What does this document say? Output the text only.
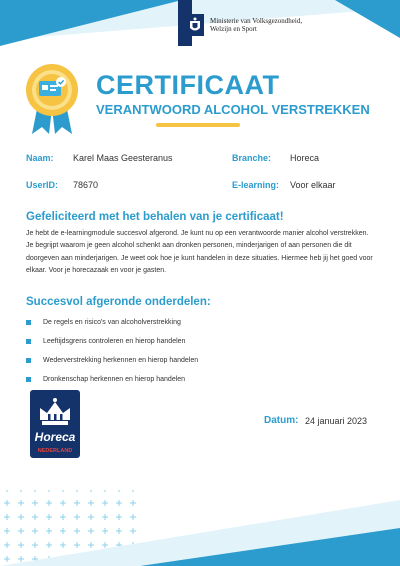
Ministerie van Volksgezondheid,
Welzijn en Sport
CERTIFICAAT
VERANTWOORD ALCOHOL VERSTREKKEN
Naam: Karel Maas Geesteranus	Branche: Horeca
UserID: 78670	E-learning: Voor elkaar
Gefeliciteerd met het behalen van je certificaat!
Je hebt de e-learningmodule succesvol afgerond. Je kunt nu op een verantwoorde manier alcohol verstrekken. Je begrijpt waarom je geen alcohol schenkt aan dronken personen, minderjarigen of aan personen die dit doorgeven aan minderjarigen. Je weet ook hoe je kunt handelen in deze situaties. Hiermee heb jij het goed voor elkaar. Voor je horecazaak en voor je gasten.
Succesvol afgeronde onderdelen:
De regels en risico's van alcoholverstrekking
Leeftijdsgrens controleren en hierop handelen
Wederverstrekking herkennen en hierop handelen
Dronkenschap herkennen en hierop handelen
Horeca
NEDERLAND
Datum: 24 januari 2023
